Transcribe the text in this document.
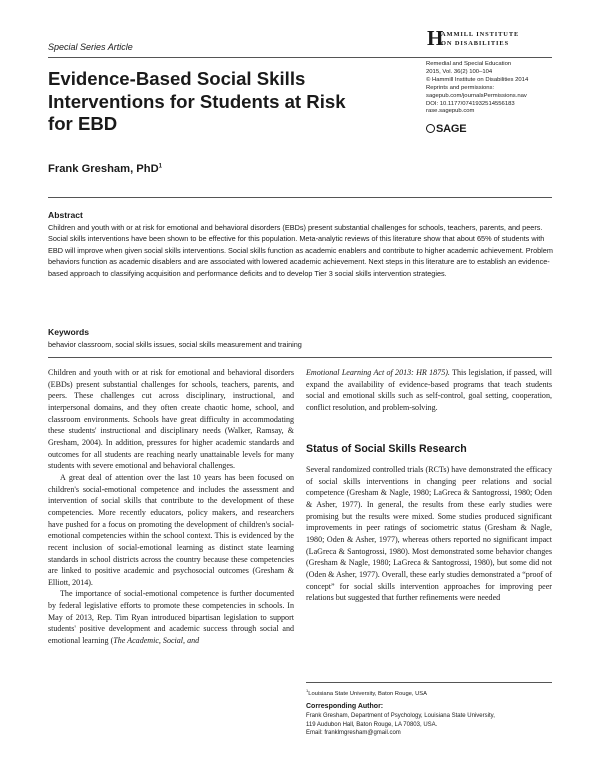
Special Series Article	H
AMMILL INSTITUTE
ON DISABILITIES
Remedial and Special Education
2015, Vol. 36(2) 100–104
© Hammill Institute on Disabilities 2014
Reprints and permissions:
sagepub.com/journalsPermissions.nav
DOI: 10.1177/0741932514556183
rase.sagepub.com
SAGE
Evidence-Based Social Skills Interventions for Students at Risk for EBD
Frank Gresham, PhD$^1$
Abstract

Children and youth with or at risk for emotional and behavioral disorders (EBDs) present substantial challenges for schools, teachers, parents, and peers. Social skills interventions have been shown to be effective for this population. Meta-analytic reviews of this literature show that about 65% of students with EBD will improve when given social skills interventions. Social skills function as academic enablers and contribute to higher academic achievement. Problem behaviors function as academic disablers and are associated with lowered academic achievement. Next steps in this literature are to establish an evidence-based approach to classifying acquisition and performance deficits and to develop Tier 3 social skills intervention strategies.

Keywords
behavior classroom, social skills issues, social skills measurement and training

Children and youth with or at risk for emotional and behavioral disorders (EBDs) present substantial challenges for schools, teachers, parents, and peers. These challenges cut across disciplinary, instructional, and interpersonal domains, and they often create chaotic home, school, and classroom environments. Schools have great difficulty in accommodating these students' instructional and disciplinary needs (Walker, Ramsay, & Gresham, 2004). In addition, pressures for higher academic standards and outcomes for all students are reaching nearly unattainable levels for many students with severe emotional and behavioral challenges.

A great deal of attention over the last 10 years has been focused on children's social-emotional competence and includes the assessment and intervention of social skills that contribute to the development of these competencies. More recently educators, policy makers, and researchers have pushed for a focus on promoting the development of children's social-emotional competencies within the school context. This is evidenced by the recent inclusion of social-emotional learning as distinct state learning standards in school districts across the country because these competencies are linked to positive academic and psychosocial outcomes (Gresham & Elliott, 2014).

The importance of social-emotional competence is further documented by federal legislative efforts to promote these competencies in schools. In May of 2013, Rep. Tim Ryan introduced bipartisan legislation to support students' positive development and academic success through social and emotional learning (The Academic, Social, and

Emotional Learning Act of 2013: HR 1875). This legislation, if passed, will expand the availability of evidence-based programs that teach students social and emotional skills such as self-control, goal setting, cooperation, conflict resolution, and problem-solving.

Status of Social Skills Research

Several randomized controlled trials (RCTs) have demonstrated the efficacy of social skills interventions in changing peer relations and social competence (Gresham & Nagle, 1980; LaGreca & Santogrossi, 1980; Oden & Asher, 1977). In general, the results from these early studies were promising but the results were mixed. Some studies produced significant improvements in peer ratings of sociometric status (Gresham & Nagle, 1980; Oden & Asher, 1977), whereas others reported no significant impact (LaGreca & Santogrossi, 1980). Most demonstrated some behavior changes (Gresham & Nagle, 1980; LaGreca & Santogrossi, 1980), but some did not (Oden & Asher, 1977). Overall, these early studies demonstrated a “proof of concept” for social skills intervention approaches for improving peer relations but suggested that further refinements were needed

$^1$Louisiana State University, Baton Rouge, USA
Corresponding Author:
Frank Gresham, Department of Psychology, Louisiana State University,
119 Audubon Hall, Baton Rouge, LA 70803, USA.
Email: franklmgresham@gmail.com
